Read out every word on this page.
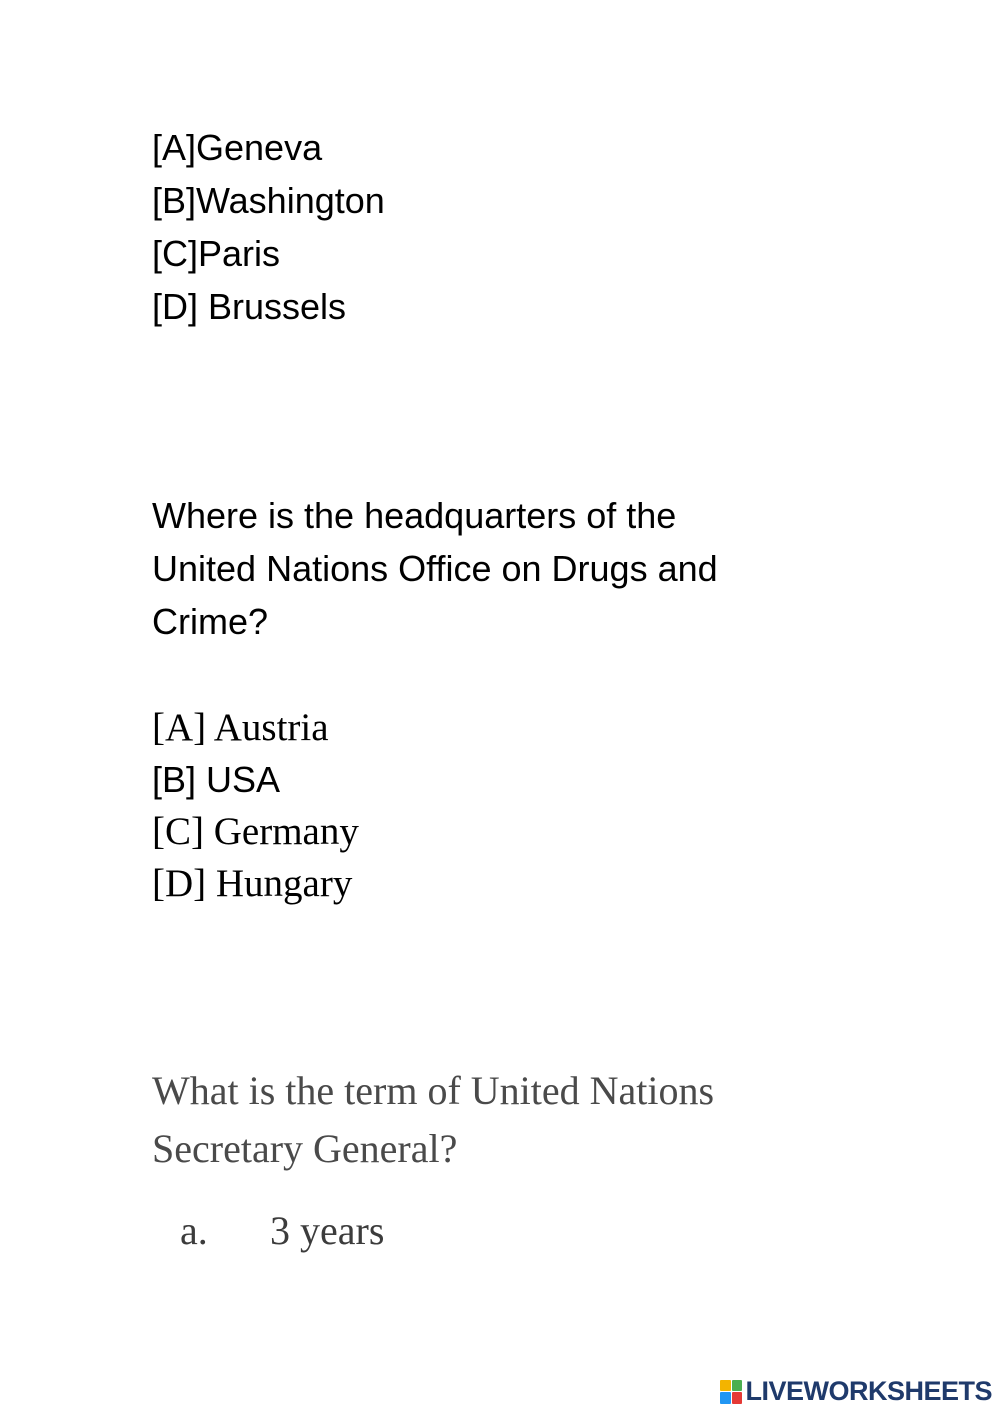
[A]Geneva
[B]Washington
[C]Paris
[D] Brussels
Where is the headquarters of the
United Nations Office on Drugs and
Crime?
[A] Austria
[B] USA
[C] Germany
[D] Hungary
What is the term of United Nations
Secretary General?
a. 3 years
LIVEWORKSHEETS
